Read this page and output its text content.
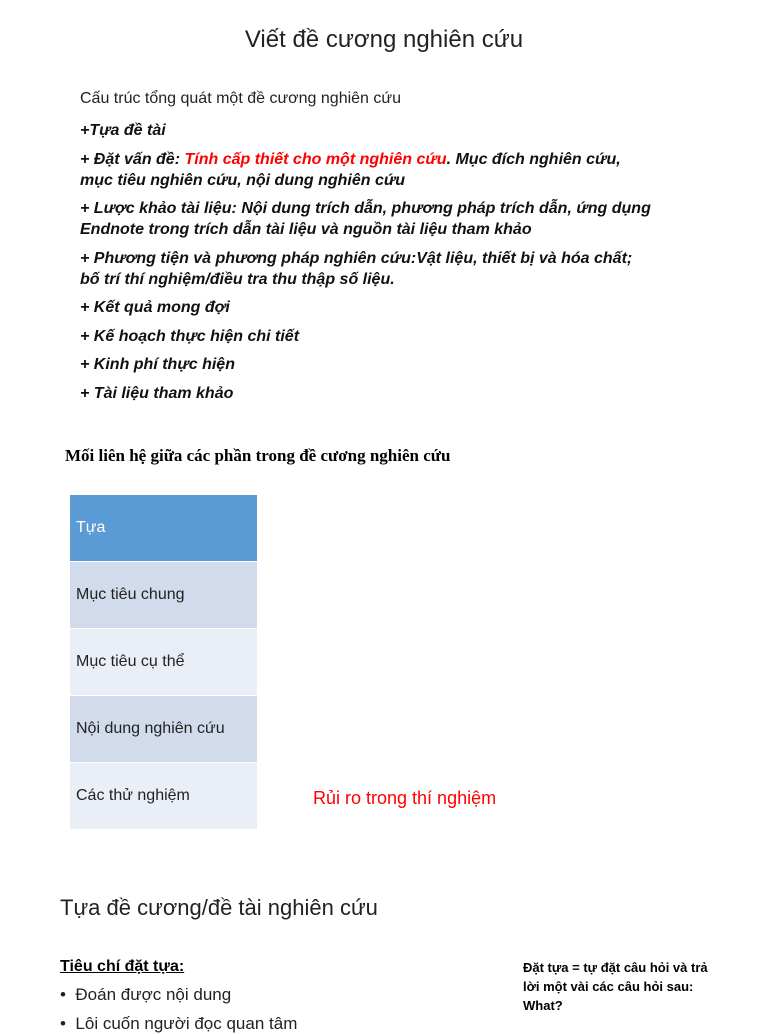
Viết đề cương nghiên cứu
Cấu trúc tổng quát một đề cương nghiên cứu
+Tựa đề tài
+ Đặt vấn đề: Tính cấp thiết cho một nghiên cứu. Mục đích nghiên cứu, mục tiêu nghiên cứu, nội dung nghiên cứu
+ Lược khảo tài liệu: Nội dung trích dẫn, phương pháp trích dẫn, ứng dụng Endnote trong trích dẫn tài liệu và nguồn tài liệu tham khảo
+ Phương tiện và phương pháp nghiên cứu:Vật liệu, thiết bị và hóa chất; bố trí thí nghiệm/điều tra thu thập số liệu.
+ Kết quả mong đợi
+ Kế hoạch thực hiện chi tiết
+ Kinh phí thực hiện
+ Tài liệu tham khảo
Mối liên hệ giữa các phần trong đề cương nghiên cứu
Tựa
Mục tiêu chung
Mục tiêu cụ thể
Nội dung nghiên cứu
Các thử nghiệm	Rủi ro trong thí nghiệm
Tựa đề cương/đề tài nghiên cứu
Tiêu chí đặt tựa:
•  Đoán được nội dung
•  Lôi cuốn người đọc quan tâm
Đặt tựa = tự đặt câu hỏi và trả lời một vài các câu hỏi sau: What?
